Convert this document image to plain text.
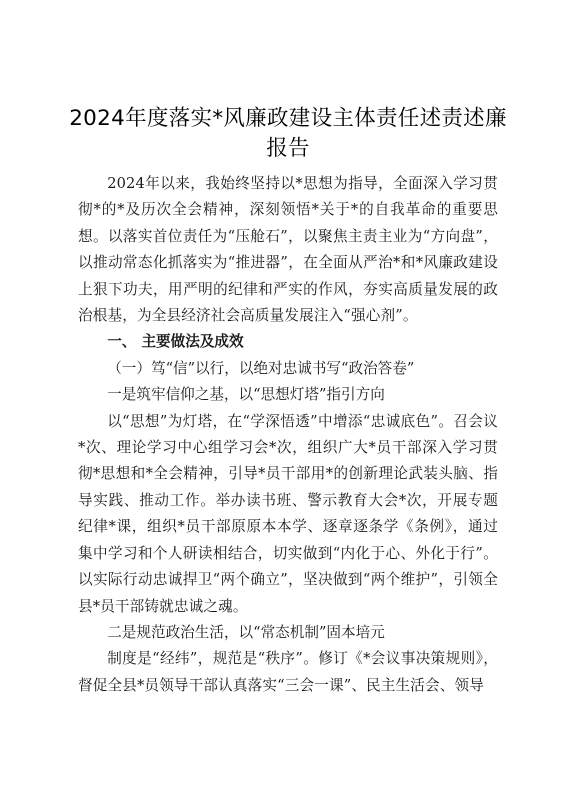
2024年度落实*风廉政建设主体责任述责述廉
报告

2024年以来，我始终坚持以*思想为指导，全面深入学习贯彻*的*及历次全会精神，深刻领悟*关于*的自我革命的重要思想。以落实首位责任为“压舱石”，以聚焦主责主业为“方向盘”，以推动常态化抓落实为“推进器”，在全面从严治*和*风廉政建设上狠下功夫，用严明的纪律和严实的作风，夯实高质量发展的政治根基，为全县经济社会高质量发展注入“强心剂”。

一、 主要做法及成效

（一）笃“信”以行，以绝对忠诚书写“政治答卷”

一是筑牢信仰之基，以“思想灯塔”指引方向

以“思想”为灯塔，在“学深悟透”中增添“忠诚底色”。召会议*次、理论学习中心组学习会*次，组织广大*员干部深入学习贯彻*思想和*全会精神，引导*员干部用*的创新理论武装头脑、指导实践、推动工作。举办读书班、警示教育大会*次，开展专题纪律*课，组织*员干部原原本本学、逐章逐条学《条例》，通过集中学习和个人研读相结合，切实做到“内化于心、外化于行”。以实际行动忠诚捍卫“两个确立”，坚决做到“两个维护”，引领全县*员干部铸就忠诚之魂。

二是规范政治生活，以“常态机制”固本培元

制度是“经纬”，规范是“秩序”。修订《*会议事决策规则》，督促全县*员领导干部认真落实“三会一课”、民主生活会、领导
